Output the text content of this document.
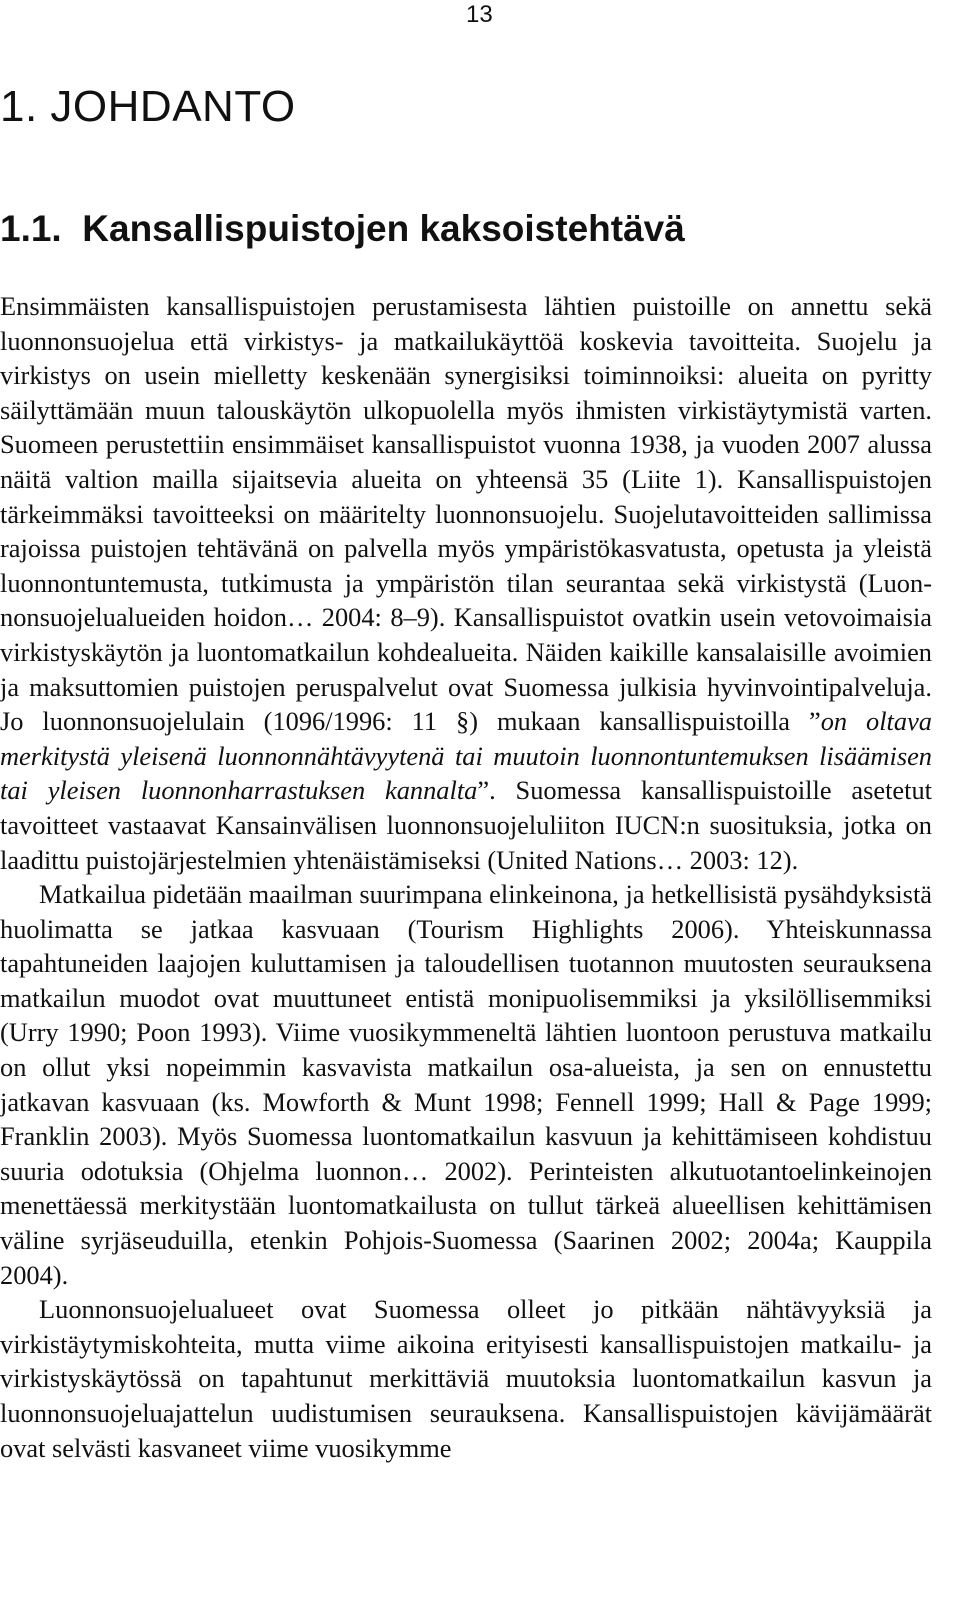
13
1. JOHDANTO
1.1. Kansallispuistojen kaksoistehtävä

Ensimmäisten kansallispuistojen perustamisesta lähtien puistoille on annettu sekä luonnonsuojelua että virkistys- ja matkailukäyttöä koskevia tavoitteita. Suojelu ja virkistys on usein mielletty keskenään synergisiksi toiminnoiksi: alueita on pyritty säilyttämään muun talouskäytön ulkopuolella myös ihmisten virkistäytymistä varten. Suomeen perustettiin ensimmäiset kansallispuistot vuonna 1938, ja vuoden 2007 alussa näitä valtion mailla sijaitsevia alueita on yhteensä 35 (Liite 1). Kansallispuistojen tärkeimmäksi tavoitteeksi on määritelty luonnonsuojelu. Suojelutavoitteiden sallimissa rajoissa puistojen tehtävänä on palvella myös ympäristökasvatusta, opetusta ja yleistä luonnontuntemusta, tutkimusta ja ympäristön tilan seurantaa sekä virkistystä (Luonnonsuojelualueiden hoidon… 2004: 8–9). Kansallispuistot ovatkin usein vetovoimaisia virkistyskäytön ja luontomatkailun kohdealueita. Näiden kaikille kansalaisille avoimien ja maksuttomien puistojen peruspalvelut ovat Suomessa julkisia hyvinvointipalveluja. Jo luonnonsuojelulain (1096/1996: 11 §) mukaan kansallispuistoilla ”on oltava merkitystä yleisenä luonnonnähtävyytenä tai muutoin luonnontuntemuksen lisäämisen tai yleisen luonnonharrastuksen kannalta”. Suomessa kansallispuistoille asetetut tavoitteet vastaavat Kansainvälisen luonnonsuojeluliiton IUCN:n suosituksia, jotka on laadittu puistojärjestelmien yhtenäistämiseksi (United Nations… 2003: 12).

Matkailua pidetään maailman suurimpana elinkeinona, ja hetkellisistä pysähdyksistä huolimatta se jatkaa kasvuaan (Tourism Highlights 2006). Yhteiskunnassa tapahtuneiden laajojen kuluttamisen ja taloudellisen tuotannon muutosten seurauksena matkailun muodot ovat muuttuneet entistä monipuolisemmiksi ja yksilöllisemmiksi (Urry 1990; Poon 1993). Viime vuosikymmeneltä lähtien luontoon perustuva matkailu on ollut yksi nopeimmin kasvavista matkailun osa-alueista, ja sen on ennustettu jatkavan kasvuaan (ks. Mowforth & Munt 1998; Fennell 1999; Hall & Page 1999; Franklin 2003). Myös Suomessa luontomatkailun kasvuun ja kehittämiseen kohdistuu suuria odotuksia (Ohjelma luonnon… 2002). Perinteisten alkutuotantoelinkeinojen menettäessä merkitystään luontomatkailusta on tullut tärkeä alueellisen kehittämisen väline syrjäseuduilla, etenkin Pohjois-Suomessa (Saarinen 2002; 2004a; Kauppila 2004).

Luonnonsuojelualueet ovat Suomessa olleet jo pitkään nähtävyyksiä ja virkistäytymiskohteita, mutta viime aikoina erityisesti kansallispuistojen matkailu- ja virkistyskäytössä on tapahtunut merkittäviä muutoksia luontomatkailun kasvun ja luonnonsuojeluajattelun uudistumisen seurauksena. Kansallispuistojen kävijämäärät ovat selvästi kasvaneet viime vuosikymme
